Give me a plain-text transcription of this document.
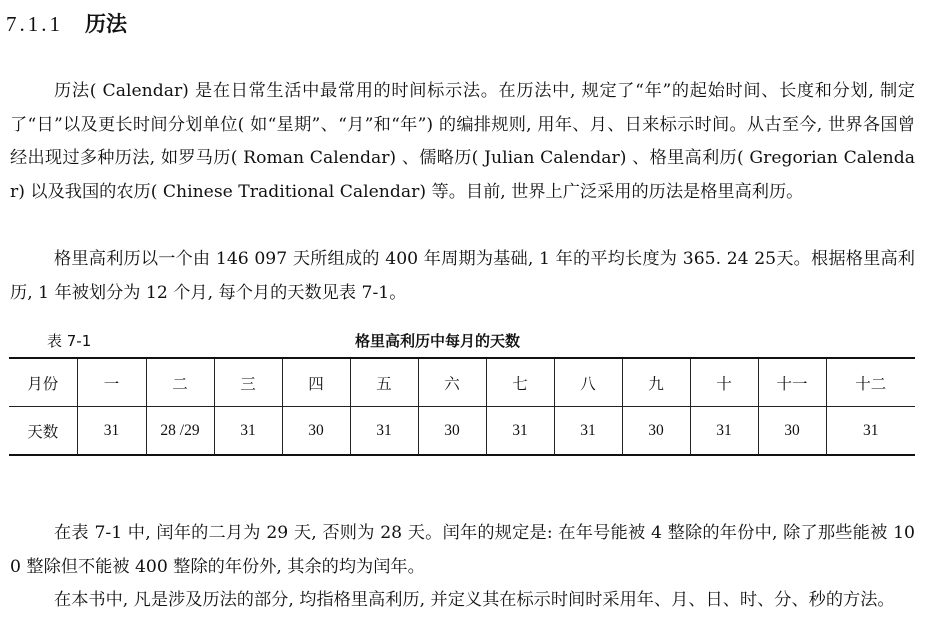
7.1.1 历法

历法( Calendar) 是在日常生活中最常用的时间标示法。在历法中, 规定了“年”的起始时间、长度和分划, 制定了“日”以及更长时间分划单位( 如“星期”、“月”和“年”) 的编排规则, 用年、月、日来标示时间。从古至今, 世界各国曾经出现过多种历法, 如罗马历( Roman Calendar) 、儒略历( Julian Calendar) 、格里高利历( Gregorian Calendar) 以及我国的农历( Chinese Traditional Calendar) 等。目前, 世界上广泛采用的历法是格里高利历。

格里高利历以一个由 146 097 天所组成的 400 年周期为基础, 1 年的平均长度为 365. 24 25天。根据格里高利历, 1 年被划分为 12 个月, 每个月的天数见表 7-1。

表 7-1	格里高利历中每月的天数
月份	一	二	三	四	五	六	七	八	九	十	十一	十二
天数	31	28 /29	31	30	31	30	31	31	30	31	30	31

在表 7-1 中, 闰年的二月为 29 天, 否则为 28 天。闰年的规定是: 在年号能被 4 整除的年份中, 除了那些能被 100 整除但不能被 400 整除的年份外, 其余的均为闰年。

在本书中, 凡是涉及历法的部分, 均指格里高利历, 并定义其在标示时间时采用年、月、日、时、分、秒的方法。
